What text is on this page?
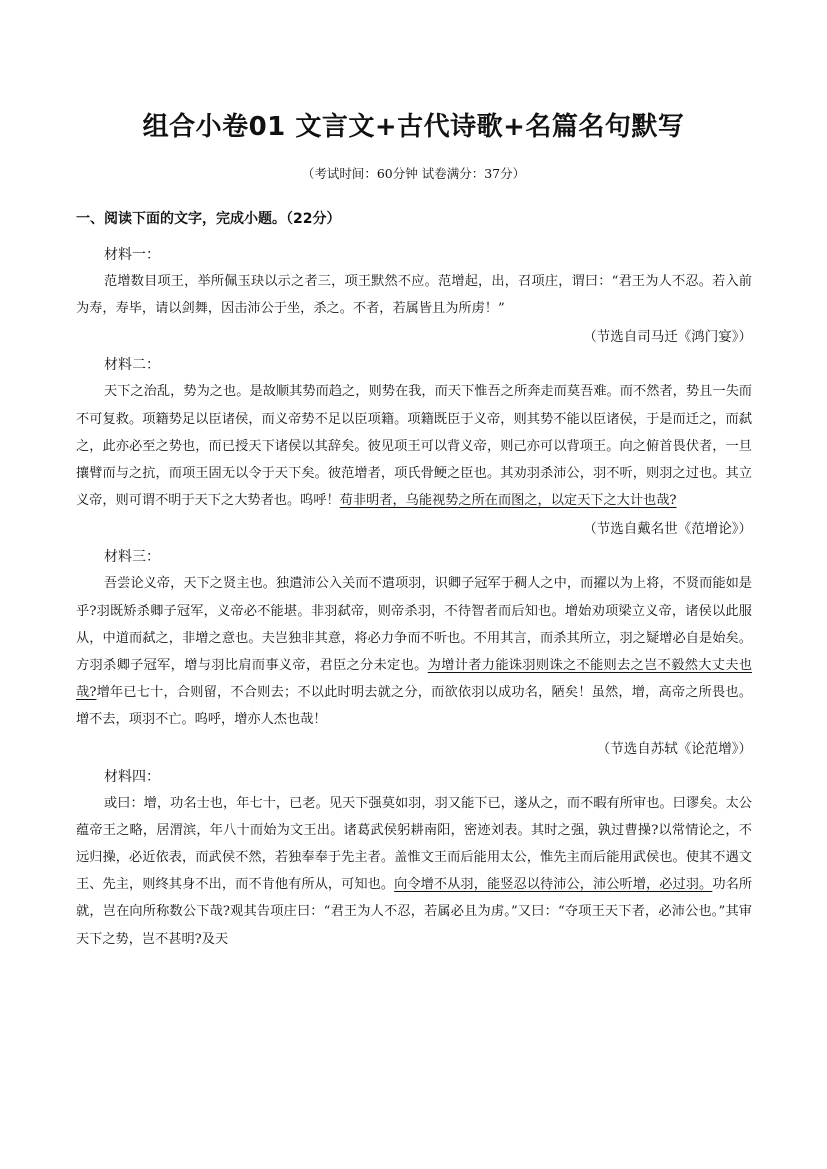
组合小卷01 文言文+古代诗歌+名篇名句默写
（考试时间：60分钟 试卷满分：37分）
一、阅读下面的文字，完成小题。（22分）
材料一：

范增数目项王，举所佩玉玦以示之者三，项王默然不应。范增起，出，召项庄，谓曰：“君王为人不忍。若入前为寿，寿毕，请以剑舞，因击沛公于坐，杀之。不者，若属皆且为所虏！”

（节选自司马迁《鸿门宴》）
材料二：

天下之治乱，势为之也。是故顺其势而趋之，则势在我，而天下惟吾之所奔走而莫吾难。而不然者，势且一失而不可复救。项籍势足以臣诸侯，而义帝势不足以臣项籍。项籍既臣于义帝，则其势不能以臣诸侯，于是而迁之，而弑之，此亦必至之势也，而已授天下诸侯以其辞矣。彼见项王可以背义帝，则己亦可以背项王。向之俯首畏伏者，一旦攘臂而与之抗，而项王固无以令于天下矣。彼范增者，项氏骨鲠之臣也。其劝羽杀沛公，羽不听，则羽之过也。其立义帝，则可谓不明于天下之大势者也。呜呼！苟非明者，乌能视势之所在而图之，以定天下之大计也哉?

（节选自戴名世《范增论》）
材料三：

吾尝论义帝，天下之贤主也。独遣沛公入关而不遣项羽，识卿子冠军于稠人之中，而擢以为上将，不贤而能如是乎?羽既矫杀卿子冠军，义帝必不能堪。非羽弑帝，则帝杀羽，不待智者而后知也。增始劝项梁立义帝，诸侯以此服从，中道而弑之，非增之意也。夫岂独非其意，将必力争而不听也。不用其言，而杀其所立，羽之疑增必自是始矣。方羽杀卿子冠军，增与羽比肩而事义帝，君臣之分未定也。为增计者力能诛羽则诛之不能则去之岂不毅然大丈夫也哉?增年已七十，合则留，不合则去；不以此时明去就之分，而欲依羽以成功名，陋矣！虽然，增，高帝之所畏也。增不去，项羽不亡。呜呼，增亦人杰也哉！

（节选自苏轼《论范增》）
材料四：

或曰：增，功名士也，年七十，已老。见天下强莫如羽，羽又能下已，遂从之，而不暇有所审也。曰谬矣。太公蕴帝王之略，居渭滨，年八十而始为文王出。诸葛武侯躬耕南阳，密迹刘表。其时之强，孰过曹操?以常情论之，不远归操，必近依表，而武侯不然，若独奉奉于先主者。盖惟文王而后能用太公，惟先主而后能用武侯也。使其不遇文王、先主，则终其身不出，而不肯他有所从，可知也。向令增不从羽，能竖忍以待沛公，沛公听增，必过羽。功名所就，岂在向所称数公下哉?观其告项庄曰：“君王为人不忍，若属必且为虏。”又曰：“夺项王天下者，必沛公也。”其审天下之势，岂不甚明?及天
